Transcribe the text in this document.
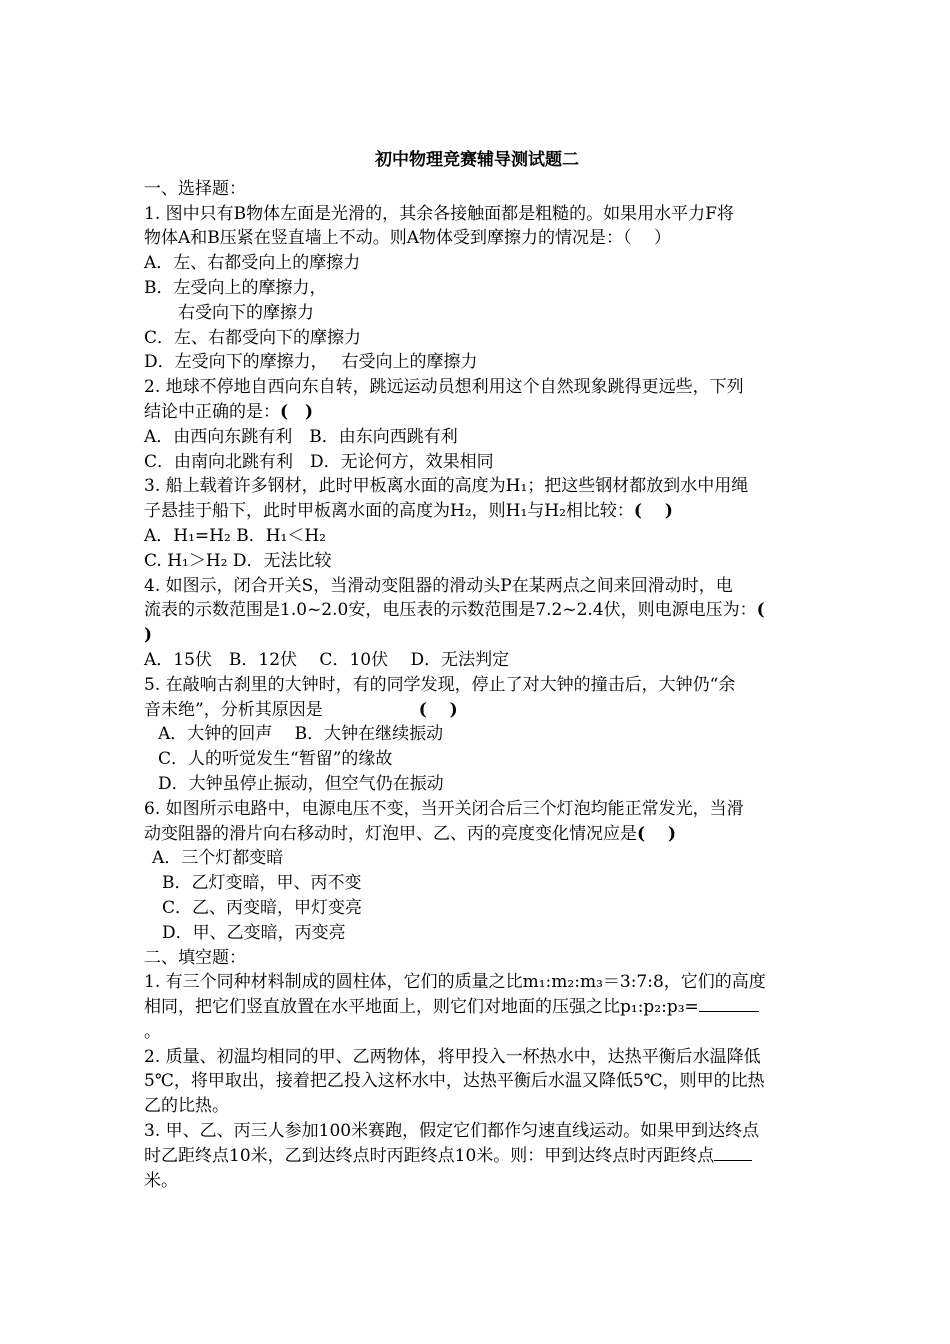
初中物理竞赛辅导测试题二
一、选择题：
1. 图中只有B物体左面是光滑的，其余各接触面都是粗糙的。如果用水平力F将
物体A和B压紧在竖直墙上不动。则A物体受到摩擦力的情况是：（　 ）
A．左、右都受向上的摩擦力
B．左受向上的摩擦力，
右受向下的摩擦力
C．左、右都受向下的摩擦力
D．左受向下的摩擦力，　 右受向上的摩擦力
2. 地球不停地自西向东自转，跳远运动员想利用这个自然现象跳得更远些，下列
结论中正确的是：(　)
A．由西向东跳有利　B．由东向西跳有利
C．由南向北跳有利　D．无论何方，效果相同
3. 船上载着许多钢材，此时甲板离水面的高度为H₁；把这些钢材都放到水中用绳
子悬挂于船下，此时甲板离水面的高度为H₂，则H₁与H₂相比较：(　 )
A．H₁=H₂ B．H₁＜H₂
C. H₁＞H₂ D．无法比较
4. 如图示，闭合开关S，当滑动变阻器的滑动头P在某两点之间来回滑动时，电
流表的示数范围是1.0~2.0安，电压表的示数范围是7.2~2.4伏，则电源电压为：(
)
A．15伏　B．12伏　 C．10伏　 D．无法判定
5. 在敲响古刹里的大钟时，有的同学发现，停止了对大钟的撞击后，大钟仍“余
音未绝”，分析其原因是	(　 )
A．大钟的回声　 B．大钟在继续振动
C．人的听觉发生“暂留”的缘故
D．大钟虽停止振动，但空气仍在振动
6. 如图所示电路中，电源电压不变，当开关闭合后三个灯泡均能正常发光，当滑
动变阻器的滑片向右移动时，灯泡甲、乙、丙的亮度变化情况应是(　 )
A．三个灯都变暗
B．乙灯变暗，甲、丙不变
C．乙、丙变暗，甲灯变亮
D．甲、乙变暗，丙变亮
二、填空题：
1. 有三个同种材料制成的圆柱体，它们的质量之比m₁:m₂:m₃＝3:7:8，它们的高度
相同，把它们竖直放置在水平地面上，则它们对地面的压强之比p₁:p₂:p₃=
。
2. 质量、初温均相同的甲、乙两物体，将甲投入一杯热水中，达热平衡后水温降低
5℃，将甲取出，接着把乙投入这杯水中，达热平衡后水温又降低5℃，则甲的比热
乙的比热。
3. 甲、乙、丙三人参加100米赛跑，假定它们都作匀速直线运动。如果甲到达终点
时乙距终点10米，乙到达终点时丙距终点10米。则：甲到达终点时丙距终点
米。
